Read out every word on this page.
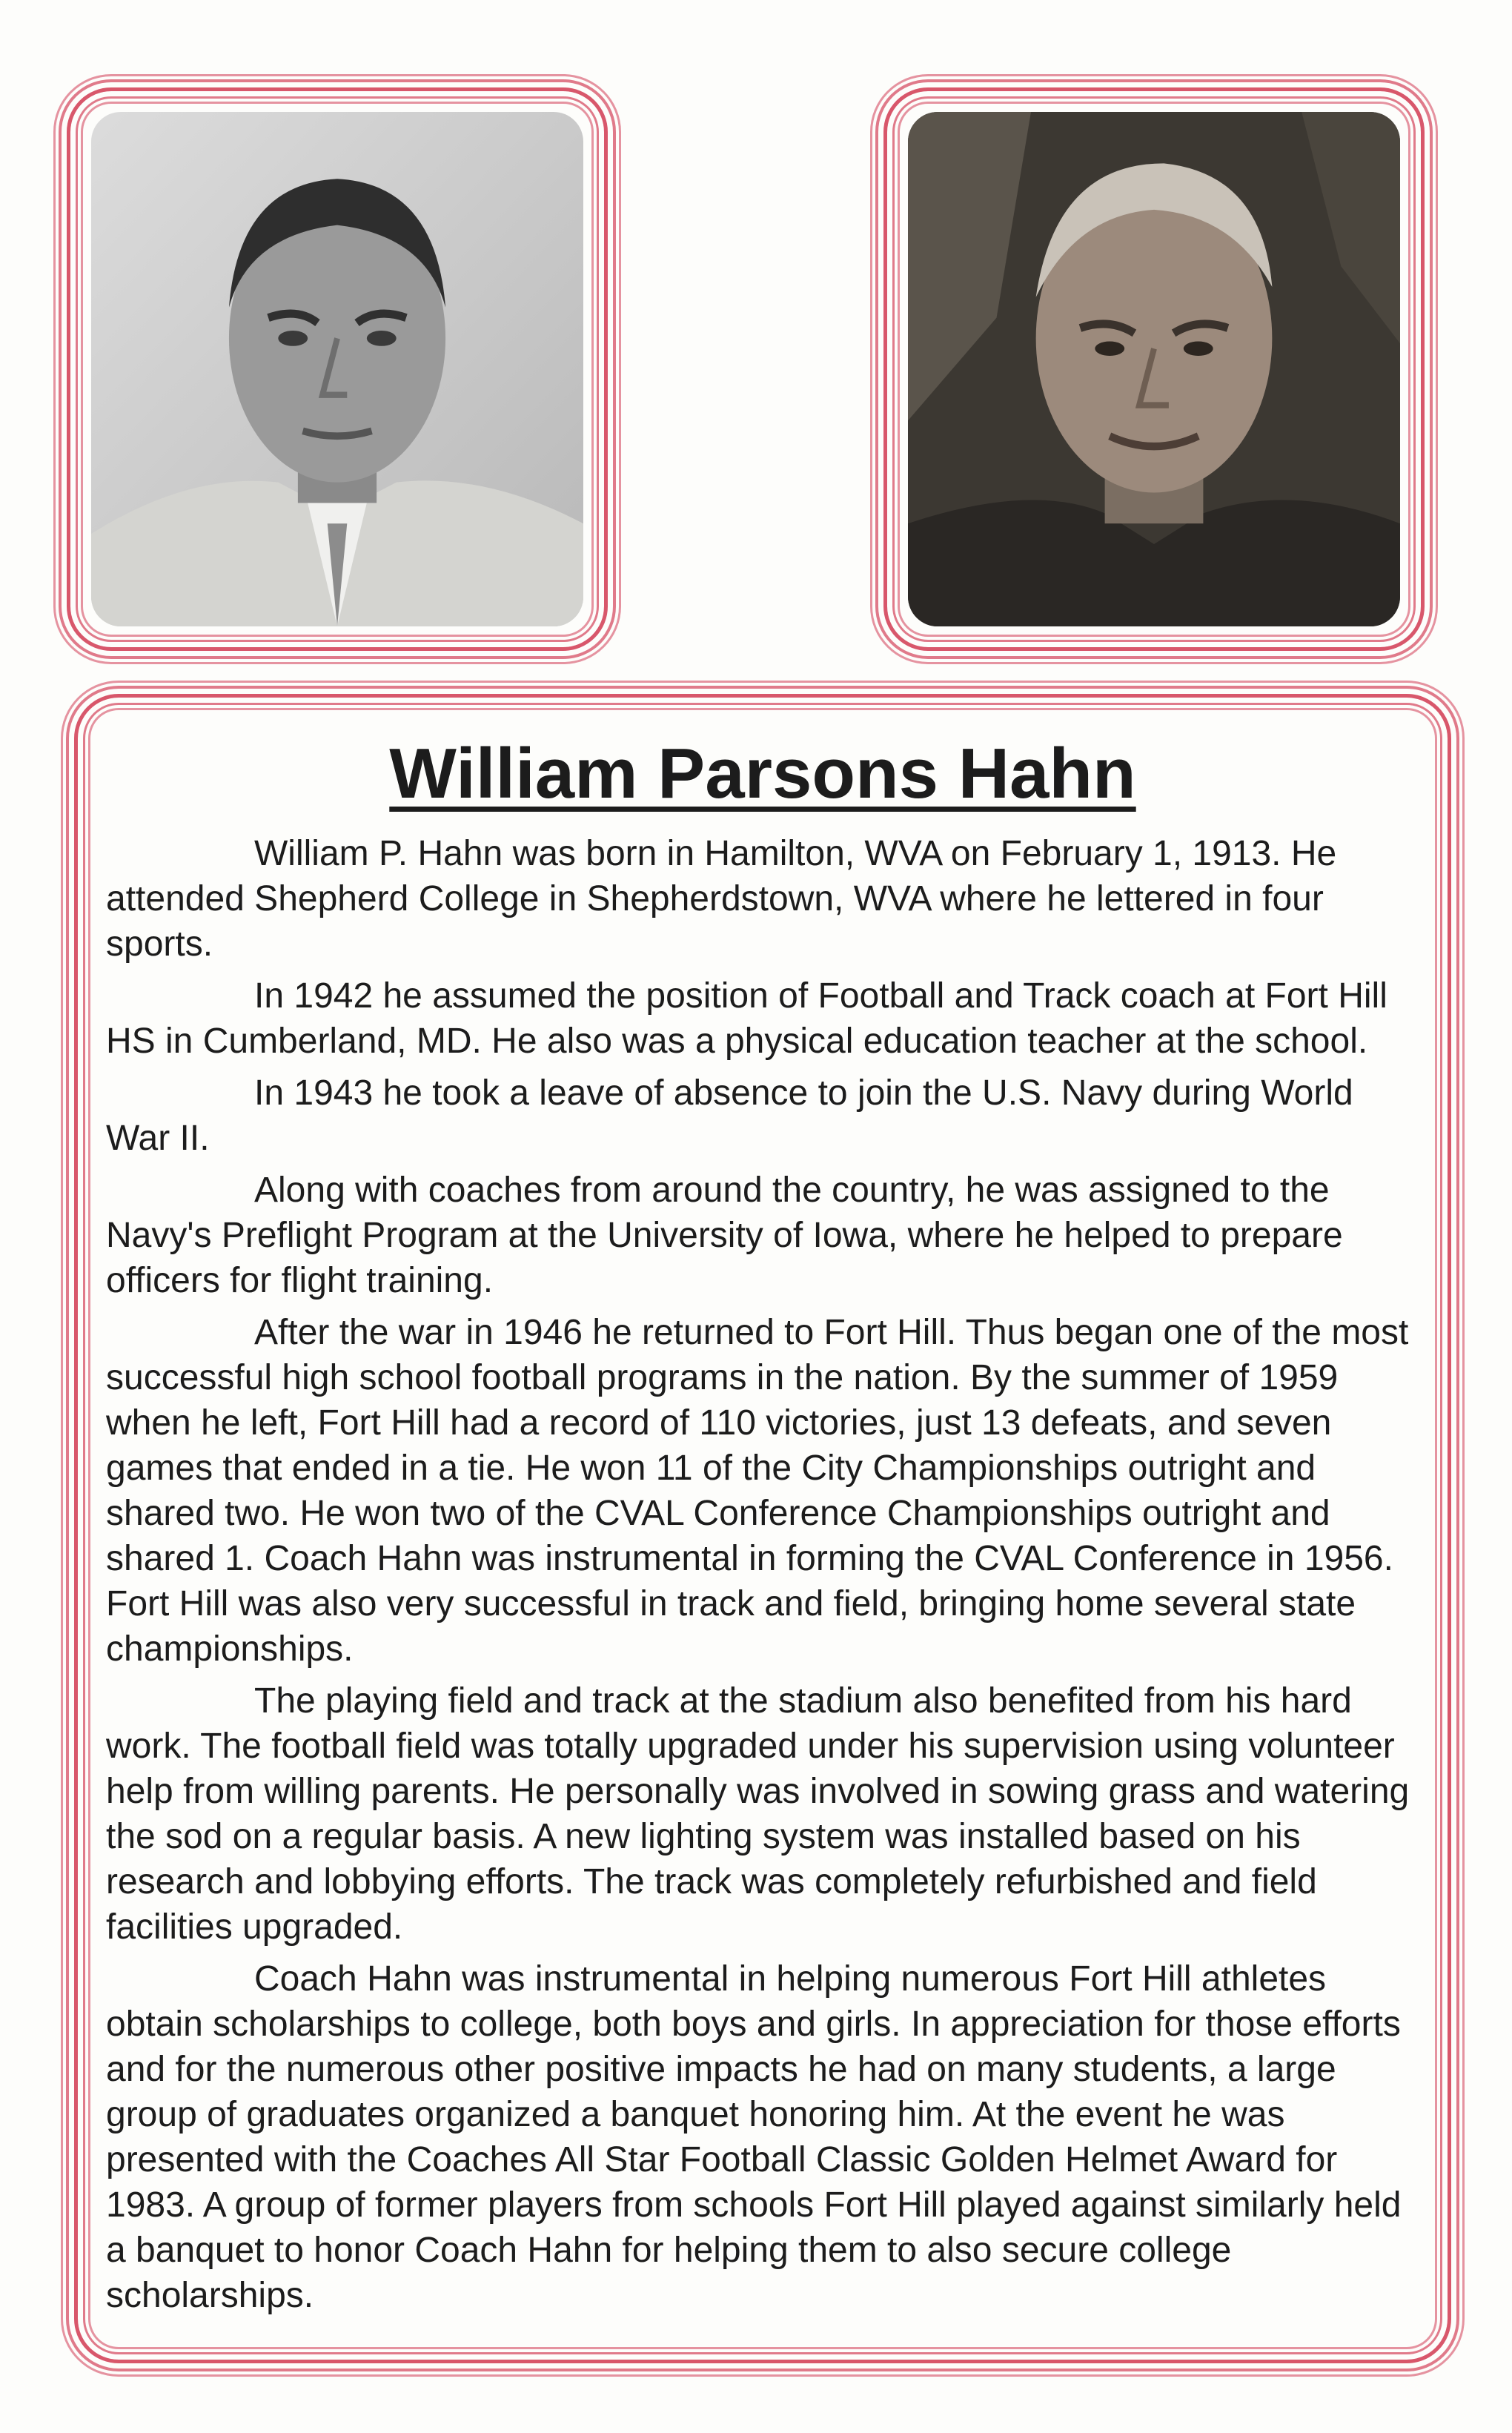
William Parsons Hahn

William P. Hahn was born in Hamilton, WVA on February 1, 1913. He attended Shepherd College in Shepherdstown, WVA where he lettered in four sports.

In 1942 he assumed the position of Football and Track coach at Fort Hill HS in Cumberland, MD. He also was a physical education teacher at the school.

In 1943 he took a leave of absence to join the U.S. Navy during World War II.

Along with coaches from around the country, he was assigned to the Navy's Preflight Program at the University of Iowa, where he helped to prepare officers for flight training.

After the war in 1946 he returned to Fort Hill. Thus began one of the most successful high school football programs in the nation. By the summer of 1959 when he left, Fort Hill had a record of 110 victories, just 13 defeats, and seven games that ended in a tie. He won 11 of the City Championships outright and shared two. He won two of the CVAL Conference Championships outright and shared 1. Coach Hahn was instrumental in forming the CVAL Conference in 1956. Fort Hill was also very successful in track and field, bringing home several state championships.

The playing field and track at the stadium also benefited from his hard work. The football field was totally upgraded under his supervision using volunteer help from willing parents. He personally was involved in sowing grass and watering the sod on a regular basis. A new lighting system was installed based on his research and lobbying efforts. The track was completely refurbished and field facilities upgraded.

Coach Hahn was instrumental in helping numerous Fort Hill athletes obtain scholarships to college, both boys and girls. In appreciation for those efforts and for the numerous other positive impacts he had on many students, a large group of graduates organized a banquet honoring him. At the event he was presented with the Coaches All Star Football Classic Golden Helmet Award for 1983. A group of former players from schools Fort Hill played against similarly held a banquet to honor Coach Hahn for helping them to also secure college scholarships.
